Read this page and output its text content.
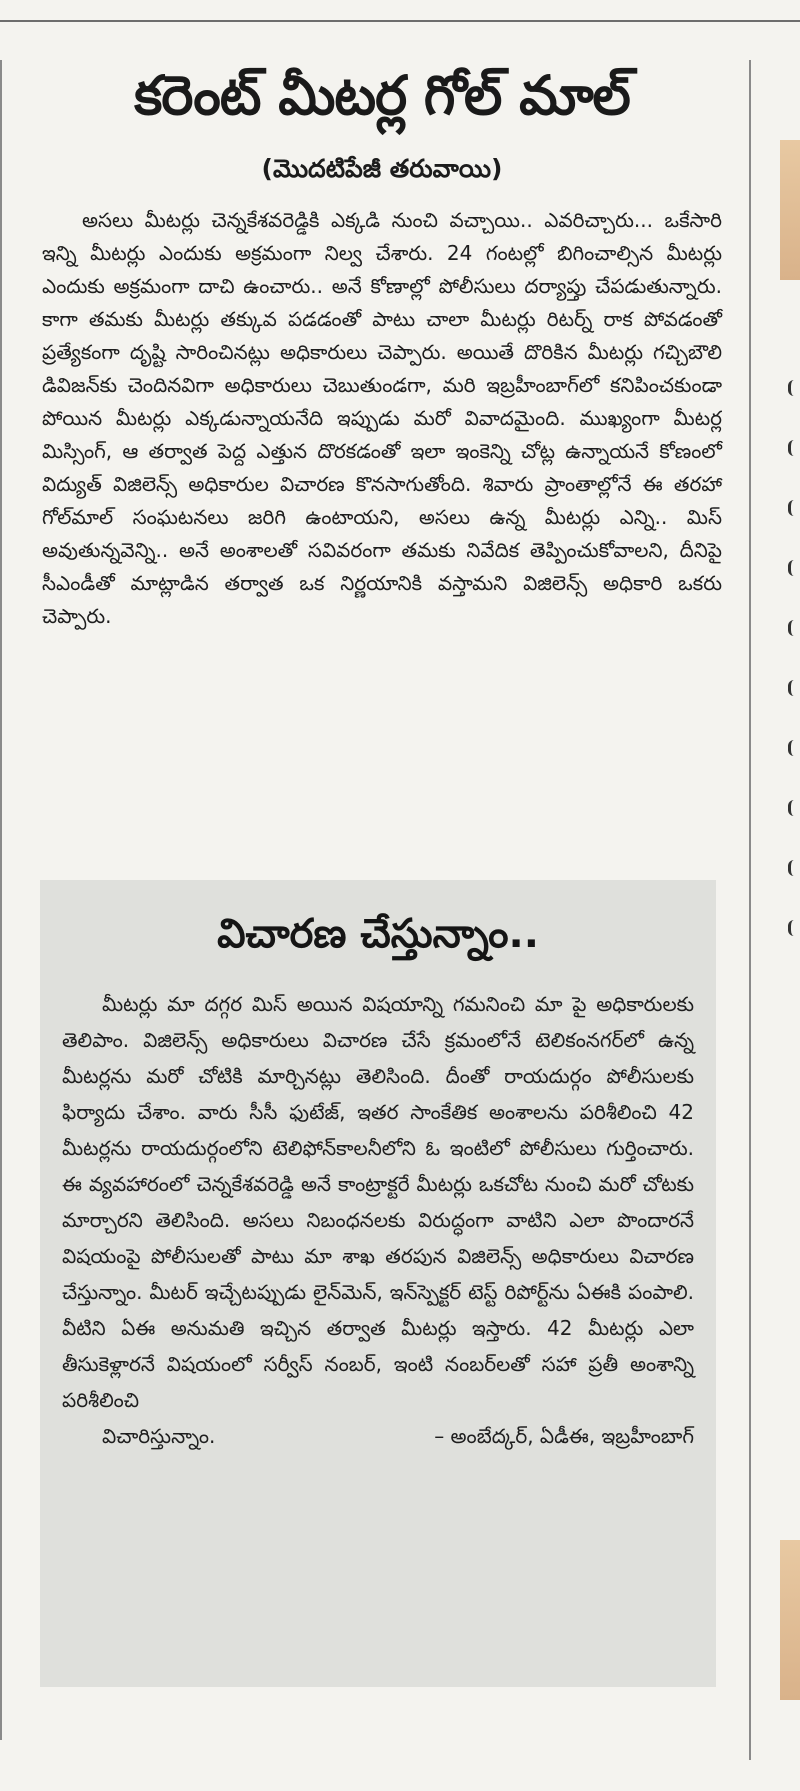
కరెంట్ మీటర్ల గోల్ మాల్
(మొదటిపేజీ తరువాయి)
అసలు మీటర్లు చెన్నకేశవరెడ్డికి ఎక్కడి నుంచి వచ్చాయి.. ఎవరిచ్చారు... ఒకేసారి ఇన్ని మీటర్లు ఎందుకు అక్రమంగా నిల్వ చేశారు. 24 గంటల్లో బిగించాల్సిన మీటర్లు ఎందుకు అక్రమంగా దాచి ఉంచారు.. అనే కోణాల్లో పోలీసులు దర్యాప్తు చేపడుతున్నారు. కాగా తమకు మీటర్లు తక్కువ పడడంతో పాటు చాలా మీటర్లు రిటర్న్ రాక పోవడంతో ప్రత్యేకంగా దృష్టి సారించినట్లు అధికారులు చెప్పారు. అయితే దొరికిన మీటర్లు గచ్చిబౌలి డివిజన్‌కు చెందినవిగా అధికారులు చెబుతుండగా, మరి ఇబ్రహీంబాగ్‌లో కనిపించకుండా పోయిన మీటర్లు ఎక్కడున్నాయనేది ఇప్పుడు మరో వివాదమైంది. ముఖ్యంగా మీటర్ల మిస్సింగ్, ఆ తర్వాత పెద్ద ఎత్తున దొరకడంతో ఇలా ఇంకెన్ని చోట్ల ఉన్నాయనే కోణంలో విద్యుత్ విజిలెన్స్ అధికారుల విచారణ కొనసాగుతోంది. శివారు ప్రాంతాల్లోనే ఈ తరహా గోల్‌మాల్ సంఘటనలు జరిగి ఉంటాయని, అసలు ఉన్న మీటర్లు ఎన్ని.. మిస్ అవుతున్నవెన్ని.. అనే అంశాలతో సవివరంగా తమకు నివేదిక తెప్పించుకోవాలని, దీనిపై సీఎండీతో మాట్లాడిన తర్వాత ఒక నిర్ణయానికి వస్తామని విజిలెన్స్ అధికారి ఒకరు చెప్పారు.
విచారణ చేస్తున్నాం..
మీటర్లు మా దగ్గర మిస్ అయిన విషయాన్ని గమనించి మా పై అధికారులకు తెలిపాం. విజిలెన్స్ అధికారులు విచారణ చేసే క్రమంలోనే టెలికంనగర్‌లో ఉన్న మీటర్లను మరో చోటికి మార్చినట్లు తెలిసింది. దీంతో రాయదుర్గం పోలీసులకు ఫిర్యాదు చేశాం. వారు సీసీ ఫుటేజ్, ఇతర సాంకేతిక అంశాలను పరిశీలించి 42 మీటర్లను రాయదుర్గంలోని టెలిఫోన్‌కాలనీలోని ఓ ఇంటిలో పోలీసులు గుర్తించారు. ఈ వ్యవహారంలో చెన్నకేశవరెడ్డి అనే కాంట్రాక్టరే మీటర్లు ఒకచోట నుంచి మరో చోటకు మార్చారని తెలిసింది. అసలు నిబంధనలకు విరుద్ధంగా వాటిని ఎలా పొందారనే విషయంపై పోలీసులతో పాటు మా శాఖ తరపున విజిలెన్స్ అధికారులు విచారణ చేస్తున్నాం. మీటర్ ఇచ్చేటప్పుడు లైన్‌మెన్, ఇన్‌స్పెక్టర్ టెస్ట్ రిపోర్ట్‌ను ఏఈకి పంపాలి. వీటిని ఏఈ అనుమతి ఇచ్చిన తర్వాత మీటర్లు ఇస్తారు. 42 మీటర్లు ఎలా తీసుకెళ్లారనే విషయంలో సర్వీస్ నంబర్, ఇంటి నంబర్‌లతో సహా ప్రతీ అంశాన్ని పరిశీలించి
విచారిస్తున్నాం.	– అంబేద్కర్, ఏడీఈ, ఇబ్రహీంబాగ్
